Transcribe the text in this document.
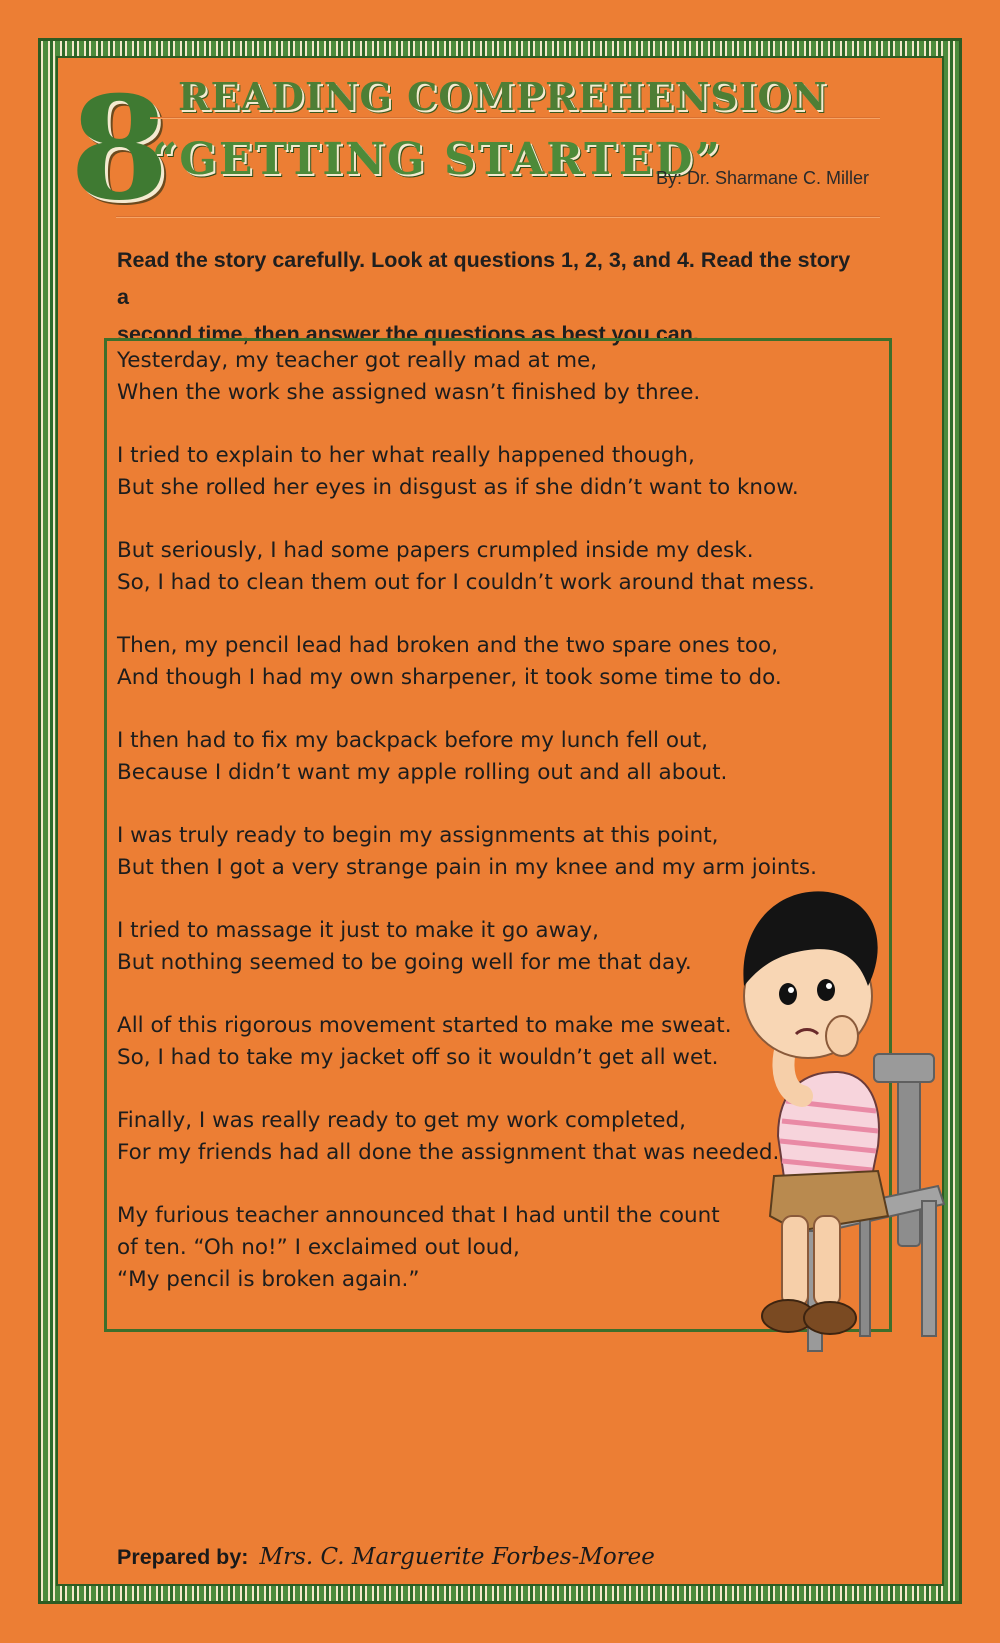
8 READING COMPREHENSION
“GETTING STARTED”
By: Dr. Sharmane C. Miller
Read the story carefully. Look at questions 1, 2, 3, and 4. Read the story a
second time, then answer the questions as best you can.
Yesterday, my teacher got really mad at me,
When the work she assigned wasn’t finished by three.
I tried to explain to her what really happened though,
But she rolled her eyes in disgust as if she didn’t want to know.
But seriously, I had some papers crumpled inside my desk.
So, I had to clean them out for I couldn’t work around that mess.
Then, my pencil lead had broken and the two spare ones too,
And though I had my own sharpener, it took some time to do.
I then had to fix my backpack before my lunch fell out,
Because I didn’t want my apple rolling out and all about.
I was truly ready to begin my assignments at this point,
But then I got a very strange pain in my knee and my arm joints.
I tried to massage it just to make it go away,
But nothing seemed to be going well for me that day.
All of this rigorous movement started to make me sweat.
So, I had to take my jacket off so it wouldn’t get all wet.
Finally, I was really ready to get my work completed,
For my friends had all done the assignment that was needed.
My furious teacher announced that I had until the count
of ten. “Oh no!” I exclaimed out loud,
“My pencil is broken again.”
Prepared by: Mrs. C. Marguerite Forbes-Moree
